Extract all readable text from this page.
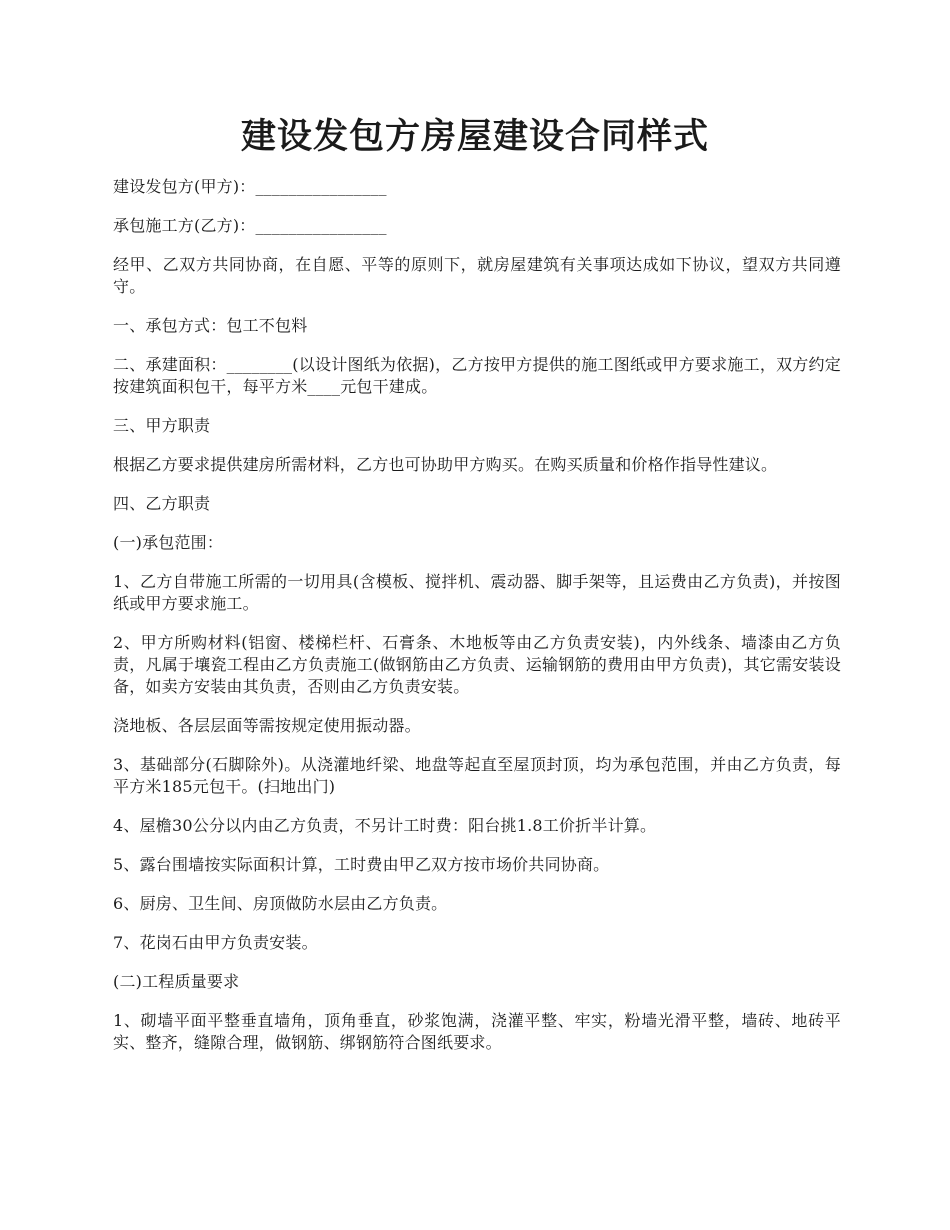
建设发包方房屋建设合同样式

建设发包方(甲方)：________________

承包施工方(乙方)：________________

经甲、乙双方共同协商，在自愿、平等的原则下，就房屋建筑有关事项达成如下协议，望双方共同遵守。

一、承包方式：包工不包料

二、承建面积：________(以设计图纸为依据)，乙方按甲方提供的施工图纸或甲方要求施工，双方约定按建筑面积包干，每平方米____元包干建成。

三、甲方职责

根据乙方要求提供建房所需材料，乙方也可协助甲方购买。在购买质量和价格作指导性建议。

四、乙方职责

(一)承包范围：

1、乙方自带施工所需的一切用具(含模板、搅拌机、震动器、脚手架等，且运费由乙方负责)，并按图纸或甲方要求施工。

2、甲方所购材料(铝窗、楼梯栏杆、石膏条、木地板等由乙方负责安装)，内外线条、墙漆由乙方负责，凡属于壤瓷工程由乙方负责施工(做钢筋由乙方负责、运输钢筋的费用由甲方负责)，其它需安装设备，如卖方安装由其负责，否则由乙方负责安装。

浇地板、各层层面等需按规定使用振动器。

3、基础部分(石脚除外)。从浇灌地纤梁、地盘等起直至屋顶封顶，均为承包范围，并由乙方负责，每平方米185元包干。(扫地出门)

4、屋檐30公分以内由乙方负责，不另计工时费：阳台挑1.8工价折半计算。

5、露台围墙按实际面积计算，工时费由甲乙双方按市场价共同协商。

6、厨房、卫生间、房顶做防水层由乙方负责。

7、花岗石由甲方负责安装。

(二)工程质量要求

1、砌墙平面平整垂直墙角，顶角垂直，砂浆饱满，浇灌平整、牢实，粉墙光滑平整，墙砖、地砖平实、整齐，缝隙合理，做钢筋、绑钢筋符合图纸要求。
